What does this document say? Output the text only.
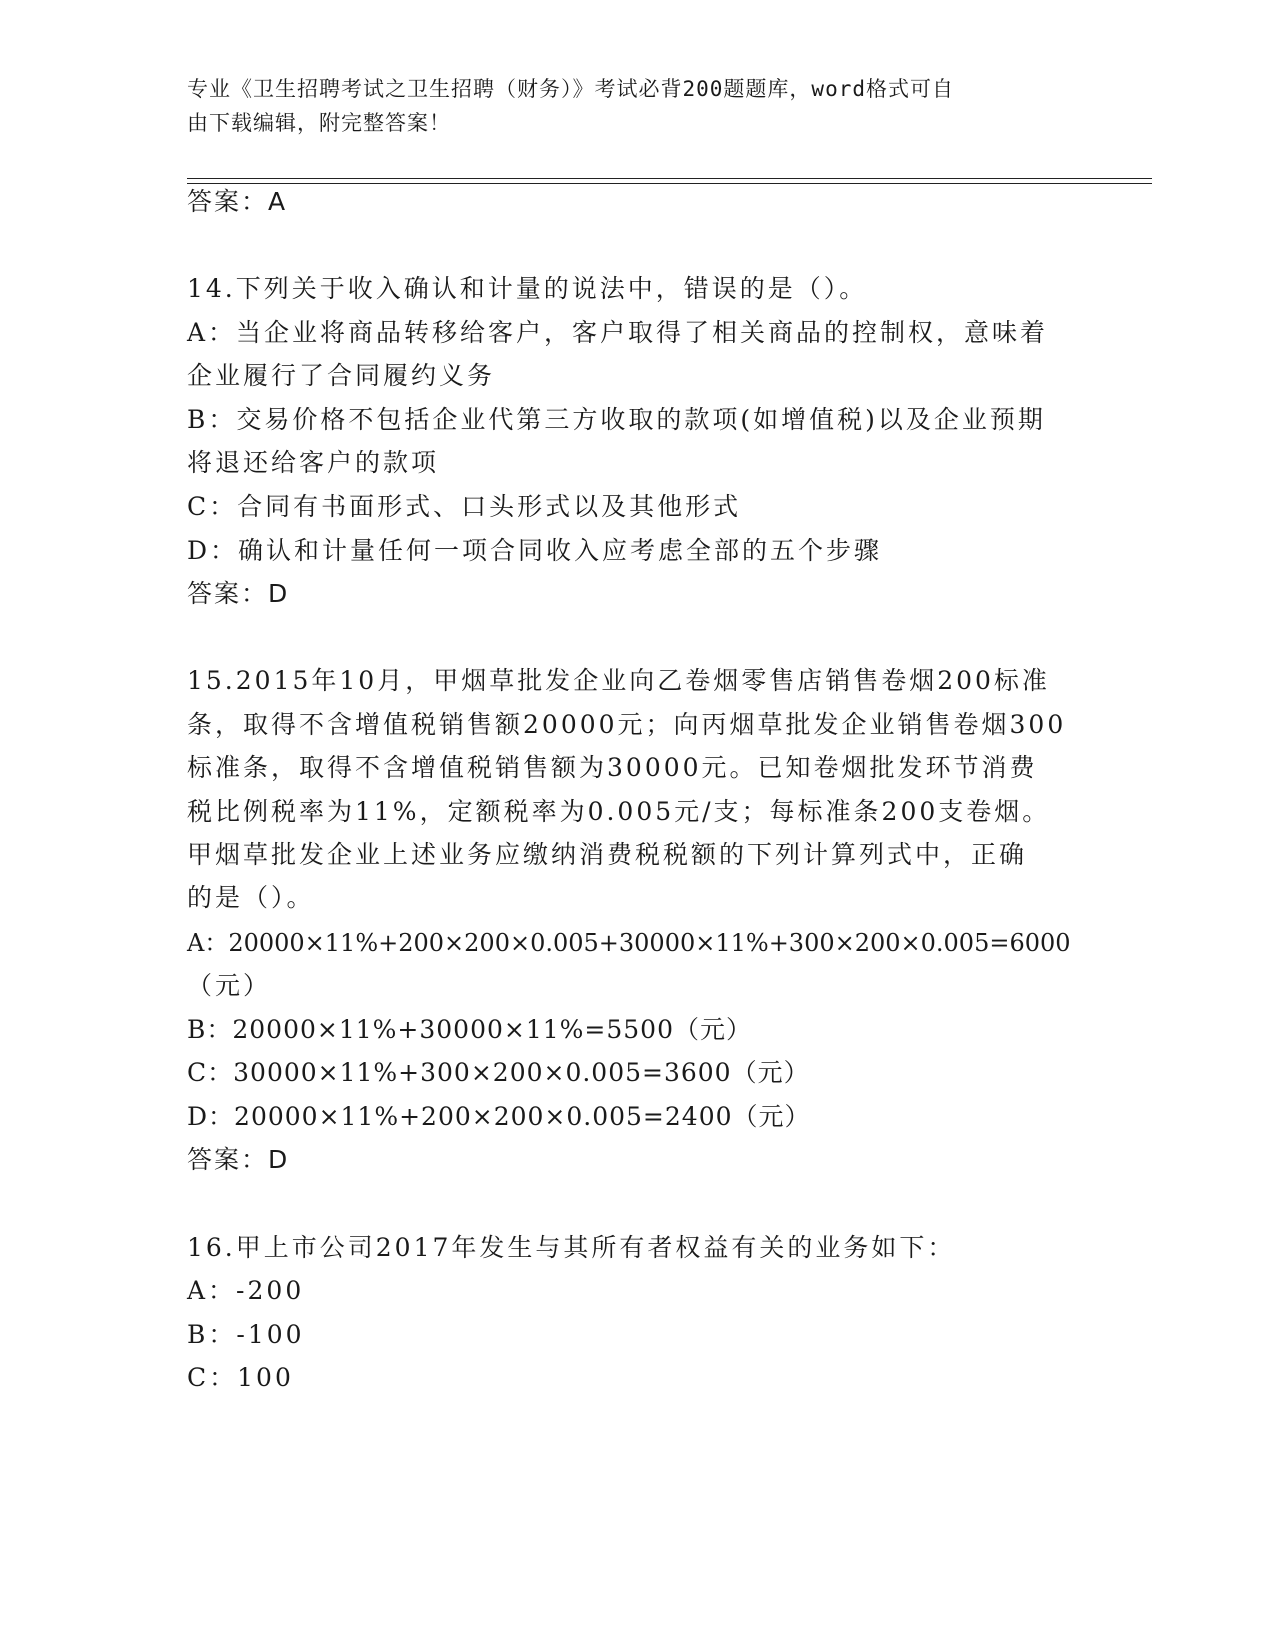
专业《卫生招聘考试之卫生招聘（财务）》考试必背200题题库，word格式可自
由下载编辑，附完整答案！
答案：A
14.下列关于收入确认和计量的说法中，错误的是（）。
A：当企业将商品转移给客户，客户取得了相关商品的控制权，意味着
企业履行了合同履约义务
B：交易价格不包括企业代第三方收取的款项(如增值税)以及企业预期
将退还给客户的款项
C：合同有书面形式、口头形式以及其他形式
D：确认和计量任何一项合同收入应考虑全部的五个步骤
答案：D
15.2015年10月，甲烟草批发企业向乙卷烟零售店销售卷烟200标准
条，取得不含增值税销售额20000元；向丙烟草批发企业销售卷烟300
标准条，取得不含增值税销售额为30000元。已知卷烟批发环节消费
税比例税率为11%，定额税率为0.005元/支；每标准条200支卷烟。
甲烟草批发企业上述业务应缴纳消费税税额的下列计算列式中，正确
的是（）。
A：20000×11%+200×200×0.005+30000×11%+300×200×0.005=6000
（元）
B：20000×11%+30000×11%=5500（元）
C：30000×11%+300×200×0.005=3600（元）
D：20000×11%+200×200×0.005=2400（元）
答案：D
16.甲上市公司2017年发生与其所有者权益有关的业务如下：
A：-200
B：-100
C：100
